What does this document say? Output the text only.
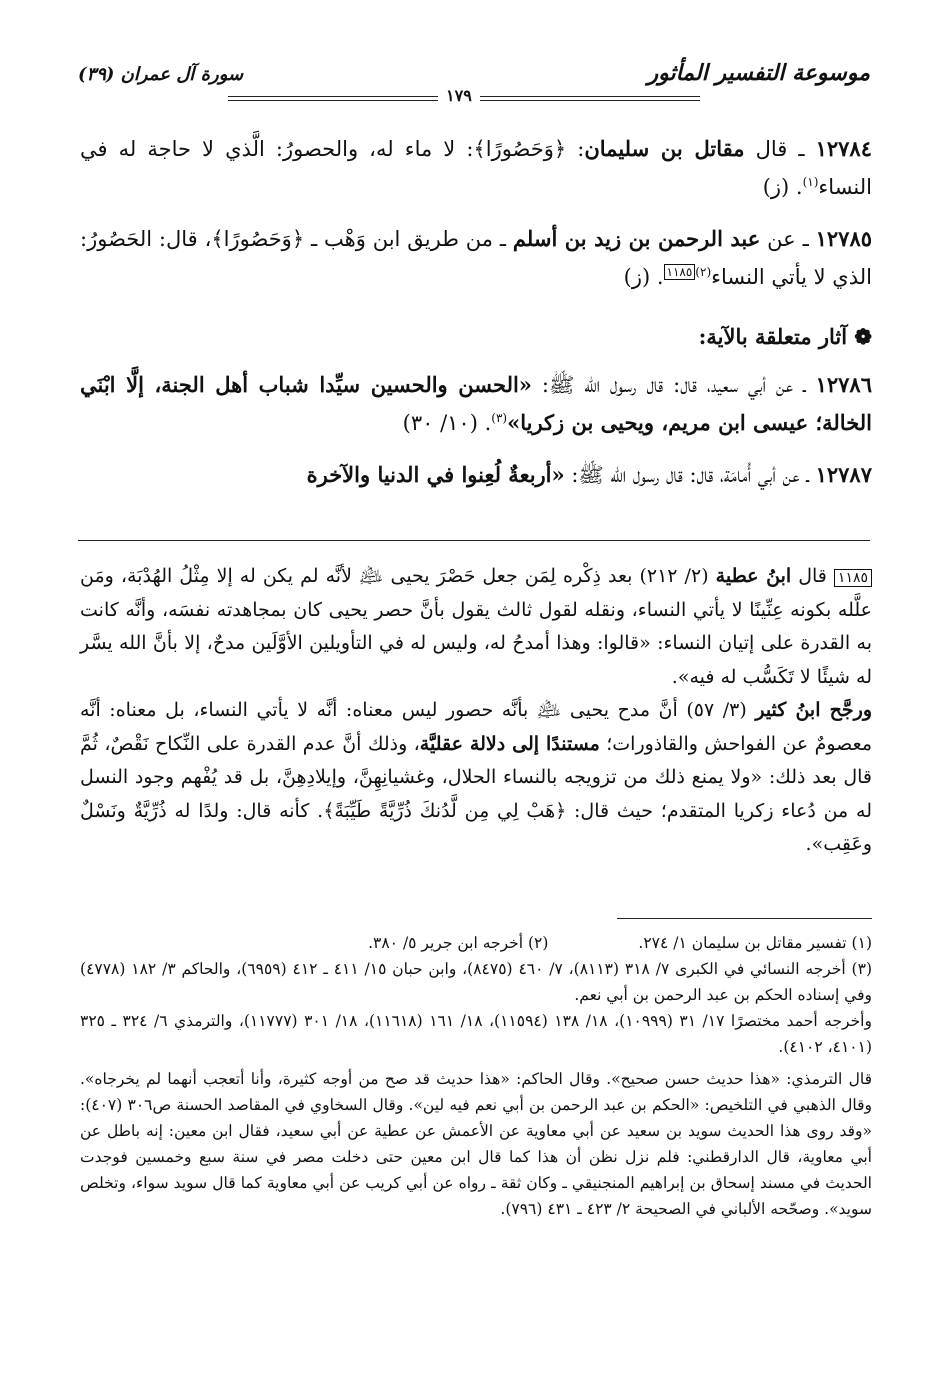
موسوعة التفسير المأثور
١٧٩
سورة آل عمران (٣٩)

١٢٧٨٤ ـ قال مقاتل بن سليمان: ﴿وَحَصُورًا﴾: لا ماء له، والحصورُ: الَّذي لا حاجة له في النساء$^{(١)}$. (ز)

١٢٧٨٥ ـ عن عبد الرحمن بن زيد بن أسلم ـ من طريق ابن وَهْب ـ ﴿وَحَصُورًا﴾، قال: الحَصُورُ: الذي لا يأتي النساء$^{(٢)}$١١٨٥. (ز)

❁ آثار متعلقة بالآية:

١٢٧٨٦ ـ عن أبي سعيد، قال: قال رسول الله ﷺ: «الحسن والحسين سيِّدا شباب أهل الجنة، إلَّا ابْنَي الخالة؛ عيسى ابن مريم، ويحيى بن زكريا»$^{(٣)}$. (١٠/ ٣٠)

١٢٧٨٧ ـ عن أبي أُمامَة، قال: قال رسول الله ﷺ: «أربعةٌ لُعِنوا في الدنيا والآخرة

١١٨٥ قال ابنُ عطية (٢/ ٢١٢) بعد ذِكْره لِمَن جعل حَصْرَ يحيى ﵇ لأنَّه لم يكن له إلا مِثْلُ الهُدْبَة، ومَن علَّله بكونه عِنِّينًا لا يأتي النساء، ونقله لقول ثالث يقول بأنَّ حصر يحيى كان بمجاهدته نفسَه، وأنَّه كانت به القدرة على إتيان النساء: «قالوا: وهذا أمدحُ له، وليس له في التأويلين الأوَّلَين مدحٌ، إلا بأنَّ الله يسَّر له شيئًا لا تَكَسُّب له فيه».

ورجَّح ابنُ كثير (٣/ ٥٧) أنَّ مدح يحيى ﵇ بأنَّه حصور ليس معناه: أنَّه لا يأتي النساء، بل معناه: أنَّه معصومٌ عن الفواحش والقاذورات؛ مستندًا إلى دلالة عقليَّة، وذلك أنَّ عدم القدرة على النِّكاح نَقْصٌ، ثُمَّ قال بعد ذلك: «ولا يمنع ذلك من تزويجه بالنساء الحلال، وغشيانِهِنَّ، وإيلادِهِنَّ، بل قد يُفْهم وجود النسل له من دُعاء زكريا المتقدم؛ حيث قال: ﴿هَبْ لِي مِن لَّدُنكَ ذُرِّيَّةً طَيِّبَةً﴾. كأنه قال: ولدًا له ذُرِّيَّةٌ ونَسْلٌ وعَقِب».

(١) تفسير مقاتل بن سليمان ١/ ٢٧٤.
(٢) أخرجه ابن جرير ٥/ ٣٨٠.

(٣) أخرجه النسائي في الكبرى ٧/ ٣١٨ (٨١١٣)، ٧/ ٤٦٠ (٨٤٧٥)، وابن حبان ١٥/ ٤١١ ـ ٤١٢ (٦٩٥٩)، والحاكم ٣/ ١٨٢ (٤٧٧٨) وفي إسناده الحكم بن عبد الرحمن بن أبي نعم.

وأخرجه أحمد مختصرًا ١٧/ ٣١ (١٠٩٩٩)، ١٨/ ١٣٨ (١١٥٩٤)، ١٨/ ١٦١ (١١٦١٨)، ١٨/ ٣٠١ (١١٧٧٧)، والترمذي ٦/ ٣٢٤ ـ ٣٢٥ (٤١٠١، ٤١٠٢).

قال الترمذي: «هذا حديث حسن صحيح». وقال الحاكم: «هذا حديث قد صح من أوجه كثيرة، وأنا أتعجب أنهما لم يخرجاه». وقال الذهبي في التلخيص: «الحكم بن عبد الرحمن بن أبي نعم فيه لين». وقال السخاوي في المقاصد الحسنة ص٣٠٦ (٤٠٧): «وقد روى هذا الحديث سويد بن سعيد عن أبي معاوية عن الأعمش عن عطية عن أبي سعيد، فقال ابن معين: إنه باطل عن أبي معاوية، قال الدارقطني: فلم نزل نظن أن هذا كما قال ابن معين حتى دخلت مصر في سنة سبع وخمسين فوجدت الحديث في مسند إسحاق بن إبراهيم المنجنيقي ـ وكان ثقة ـ رواه عن أبي كريب عن أبي معاوية كما قال سويد سواء، وتخلص سويد». وصحّحه الألباني في الصحيحة ٢/ ٤٢٣ ـ ٤٣١ (٧٩٦).
